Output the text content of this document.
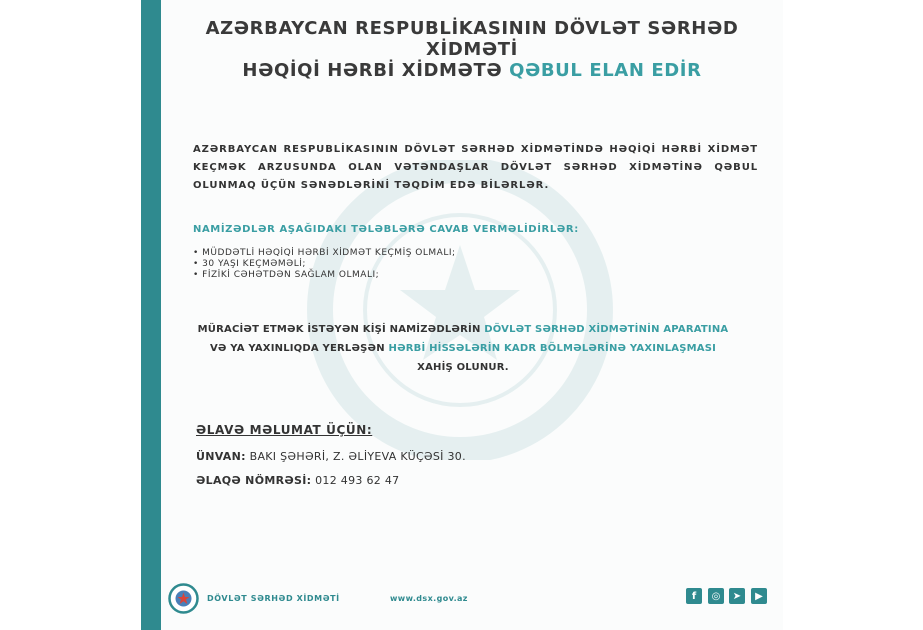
AZƏRBAYCAN RESPUBLİKASININ DÖVLƏT SƏRHƏD XİDMƏTİ
HƏQİQİ HƏRBİ XİDMƏTƏ QƏBUL ELAN EDİR
AZƏRBAYCAN RESPUBLİKASININ DÖVLƏT SƏRHƏD XİDMƏTİNDƏ HƏQİQİ HƏRBİ XİDMƏT KEÇMƏK ARZUSUNDA OLAN VƏTƏNDAŞLAR DÖVLƏT SƏRHƏD XİDMƏTİNƏ QƏBUL OLUNMAQ ÜÇÜN SƏNƏDLƏRİNİ TƏQDİM EDƏ BİLƏRLƏR.
NAMİZƏDLƏR AŞAĞIDAKI TƏLƏBLƏRƏ CAVAB VERMƏLİDİRLƏR:
• MÜDDƏTLİ HƏQİQİ HƏRBİ XİDMƏT KEÇMİŞ OLMALI;
• 30 YAŞI KEÇMƏMƏLİ;
• FİZİKİ CƏHƏTDƏN SAĞLAM OLMALI;
MÜRACİƏT ETMƏK İSTƏYƏN KİŞİ NAMİZƏDLƏRİN DÖVLƏT SƏRHƏD XİDMƏTİNİN APARATINA VƏ YA YAXINLIQDA YERLƏŞƏN HƏRBİ HİSSƏLƏRİN KADR BÖLMƏLƏRİNƏ YAXINLAŞMASI XAHİŞ OLUNUR.
ƏLAVƏ MƏLUMAT ÜÇÜN:
ÜNVAN: BAKI ŞƏHƏRİ, Z. ƏLİYEVA KÜÇƏSİ 30.
ƏLAQƏ NÖMRƏSİ: 012 493 62 47
DÖVLƏT SƏRHƏD XİDMƏTİ	www.dsx.gov.az	f	◎	➤	▶
